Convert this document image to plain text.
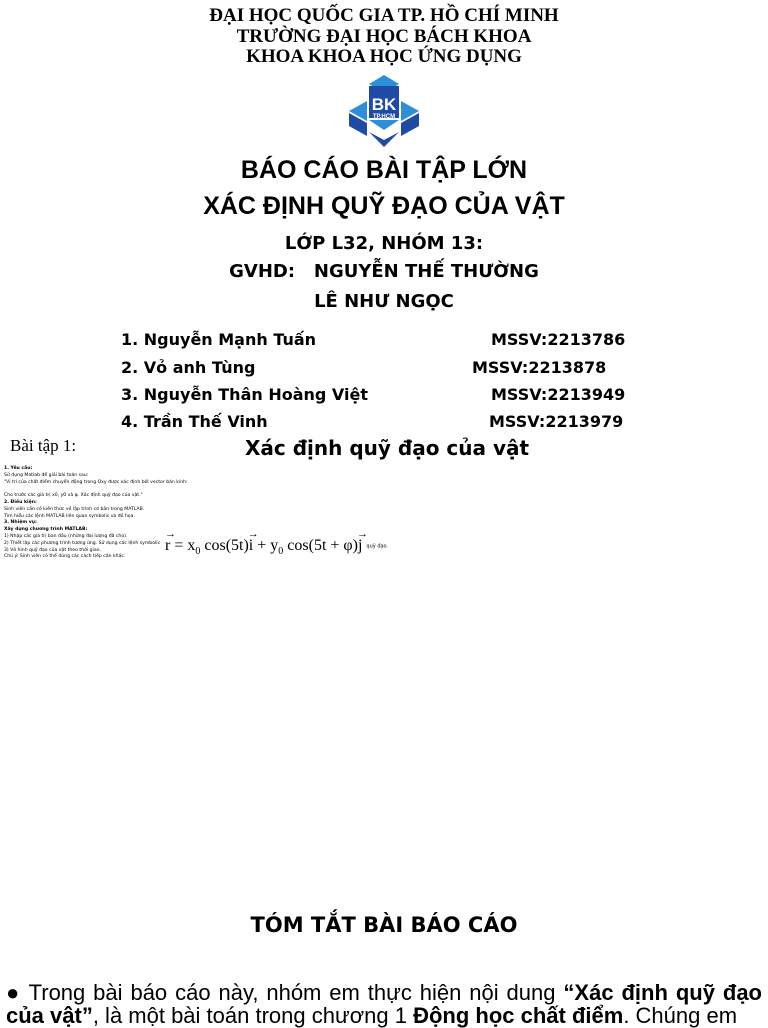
ĐẠI HỌC QUỐC GIA TP. HỒ CHÍ MINH
TRƯỜNG ĐẠI HỌC BÁCH KHOA
KHOA KHOA HỌC ỨNG DỤNG
BK
TP.HCM
BÁO CÁO BÀI TẬP LỚN
XÁC ĐỊNH QUỸ ĐẠO CỦA VẬT
LỚP L32, NHÓM 13:
GVHD: NGUYỄN THẾ THƯỜNG
LÊ NHƯ NGỌC
1. Nguyễn Mạnh Tuấn	MSSV:2213786
2. Vỏ anh Tùng	MSSV:2213878
3. Nguyễn Thân Hoàng Việt	MSSV:2213949
4. Trần Thế Vinh	MSSV:2213979
Bài tập 1:	Xác định quỹ đạo của vật
1. Yêu cầu:
Sử dụng Matlab để giải bài toán sau:
"Vị trí của chất điểm chuyển động trong Oxy được xác định bởi vector bán kính:

Cho trước các giá trị x0, y0 và φ. Xác định quỹ đạo của vật."
2. Điều kiện:
Sinh viên cần có kiến thức về lập trình cơ bản trong MATLAB.
Tìm hiểu các lệnh MATLAB liên quan symbolic và đồ họa.
3. Nhiệm vụ:
Xây dựng chương trình MATLAB:
1) Nhập các giá trị ban đầu (những đại lượng đã cho).
2) Thiết lập các phương trình tương ứng. Sử dụng các lệnh symbolic
3) Vẽ hình quỹ đạo của vật theo thời gian.
Chú ý: Sinh viên có thể dùng các cách tiếp cận khác.
r
→
= $x_0$ cos(5t)i
→
+ $y_0$ cos(5t + φ)j
→
quỹ đạo.
TÓM TẮT BÀI BÁO CÁO
● Trong bài báo cáo này, nhóm em thực hiện nội dung “Xác định quỹ đạo của vật”, là một bài toán trong chương 1 Động học chất điểm. Chúng em
